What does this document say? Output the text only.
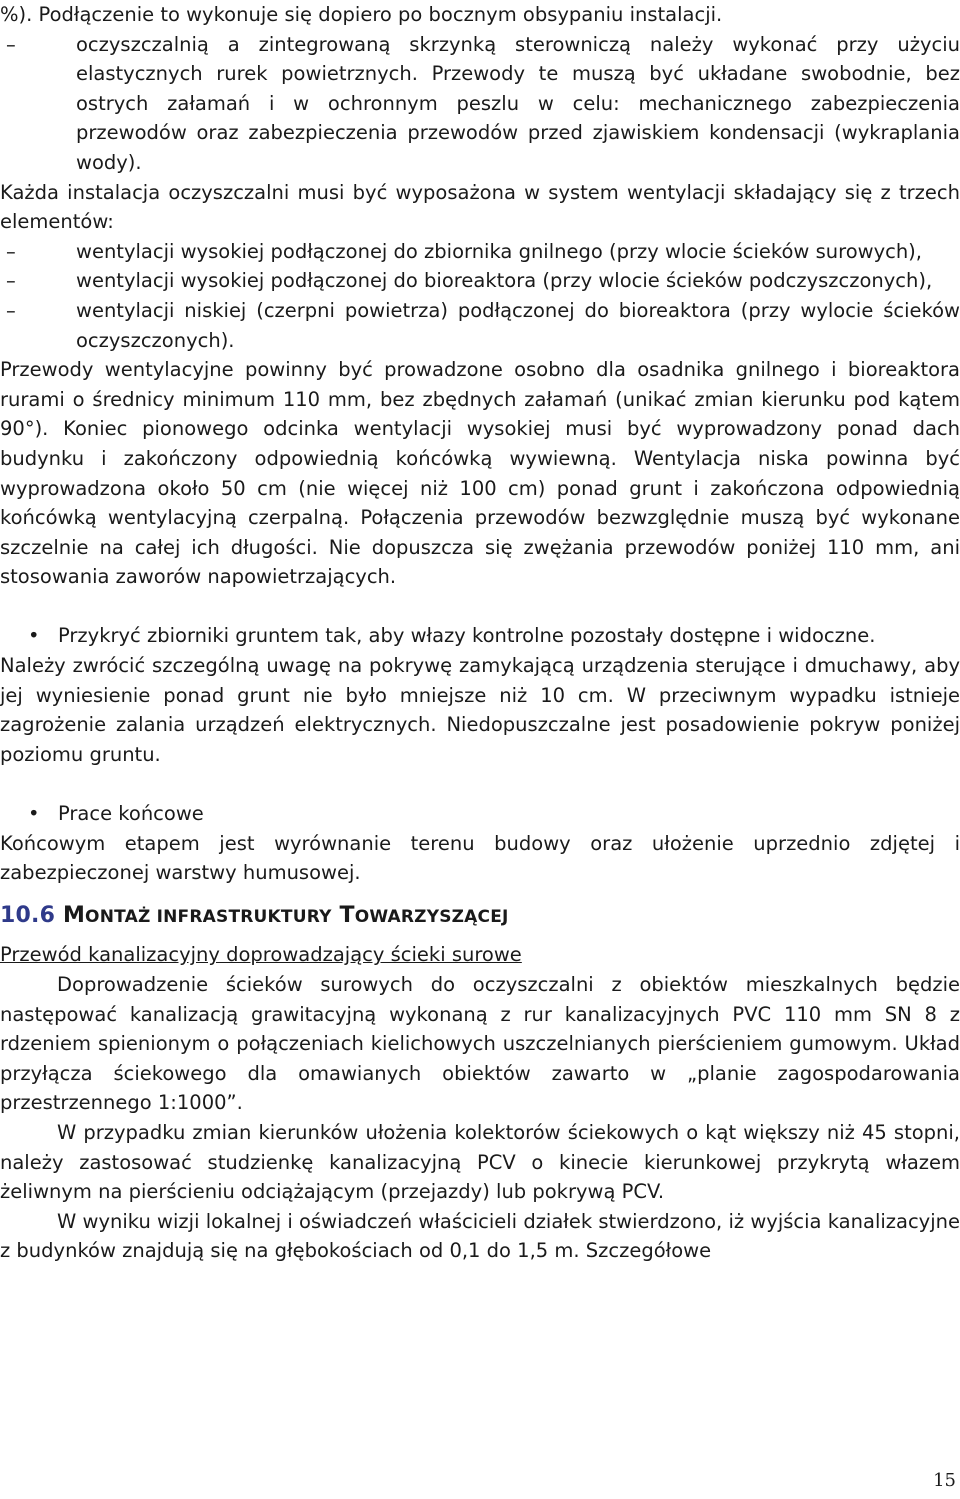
%). Podłączenie to wykonuje się dopiero po bocznym obsypaniu instalacji.

–	oczyszczalnią a zintegrowaną skrzynką sterowniczą należy wykonać przy użyciu elastycznych rurek powietrznych. Przewody te muszą być układane swobodnie, bez ostrych załamań i w ochronnym peszlu w celu: mechanicznego zabezpieczenia przewodów oraz zabezpieczenia przewodów przed zjawiskiem kondensacji (wykraplania wody).

Każda instalacja oczyszczalni musi być wyposażona w system wentylacji składający się z trzech elementów:

–	wentylacji wysokiej podłączonej do zbiornika gnilnego (przy wlocie ścieków surowych),
–	wentylacji wysokiej podłączonej do bioreaktora (przy wlocie ścieków podczyszczonych),
–	wentylacji niskiej (czerpni powietrza) podłączonej do bioreaktora (przy wylocie ścieków oczyszczonych).

Przewody wentylacyjne powinny być prowadzone osobno dla osadnika gnilnego i bioreaktora rurami o średnicy minimum 110 mm, bez zbędnych załamań (unikać zmian kierunku pod kątem 90°). Koniec pionowego odcinka wentylacji wysokiej musi być wyprowadzony ponad dach budynku i zakończony odpowiednią końcówką wywiewną. Wentylacja niska powinna być wyprowadzona około 50 cm (nie więcej niż 100 cm) ponad grunt i zakończona odpowiednią końcówką wentylacyjną czerpalną. Połączenia przewodów bezwzględnie muszą być wykonane szczelnie na całej ich długości. Nie dopuszcza się zwężania przewodów poniżej 110 mm, ani stosowania zaworów napowietrzających.

• Przykryć zbiorniki gruntem tak, aby włazy kontrolne pozostały dostępne i widoczne.

Należy zwrócić szczególną uwagę na pokrywę zamykającą urządzenia sterujące i dmuchawy, aby jej wyniesienie ponad grunt nie było mniejsze niż 10 cm. W przeciwnym wypadku istnieje zagrożenie zalania urządzeń elektrycznych. Niedopuszczalne jest posadowienie pokryw poniżej poziomu gruntu.

• Prace końcowe

Końcowym etapem jest wyrównanie terenu budowy oraz ułożenie uprzednio zdjętej i zabezpieczonej warstwy humusowej.

10.6 MONTAŻ INFRASTRUKTURY TOWARZYSZĄCEJ

Przewód kanalizacyjny doprowadzający ścieki surowe

Doprowadzenie ścieków surowych do oczyszczalni z obiektów mieszkalnych będzie następować kanalizacją grawitacyjną wykonaną z rur kanalizacyjnych PVC 110 mm SN 8 z rdzeniem spienionym o połączeniach kielichowych uszczelnianych pierścieniem gumowym. Układ przyłącza ściekowego dla omawianych obiektów zawarto w „planie zagospodarowania przestrzennego 1:1000”.

W przypadku zmian kierunków ułożenia kolektorów ściekowych o kąt większy niż 45 stopni, należy zastosować studzienkę kanalizacyjną PCV o kinecie kierunkowej przykrytą włazem żeliwnym na pierścieniu odciążającym (przejazdy) lub pokrywą PCV.

W wyniku wizji lokalnej i oświadczeń właścicieli działek stwierdzono, iż wyjścia kanalizacyjne z budynków znajdują się na głębokościach od 0,1 do 1,5 m. Szczegółowe

15
